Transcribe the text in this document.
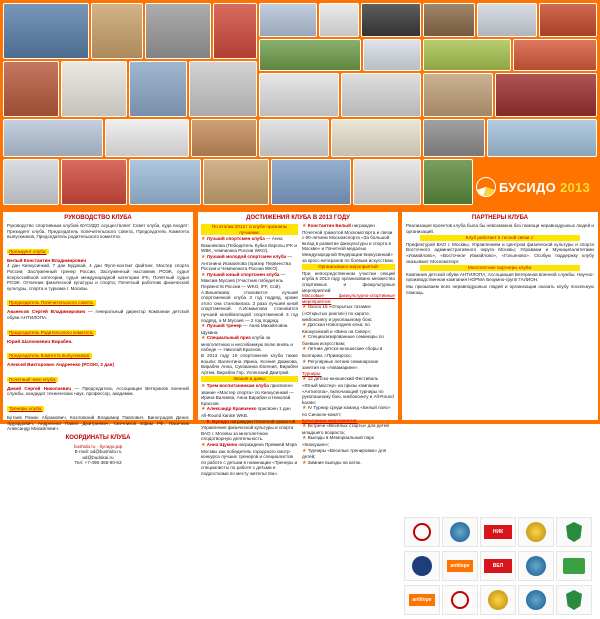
БУСИДО 2013
РУКОВОДСТВО КЛУБА
Руководство спортивным клубом БУСИДО осуществляет Совет клуба, куда входят: Президент клуба, Председатель попечительского совета, Председатель Комитета выпускников, Председатель родительского комитета.
Президент клуба:
Белый Константин Владимирович
4 дан Киокусинкай, 7 дан Будокай, 4 дан Фулл-контакт файтинг, Мастер спорта России; Заслуженный тренер России, Заслуженный наставник РОЭК, судья всероссийской категории, судья международной категории IFK, Почётный судья РОЭК. Отличник физической культуры и спорта; Почетный работник физической культуры, спорта и туризма г. Москвы.
Председатель Попечительского совета:
Аванесов Сергей Владимирович — генеральный директор Компании детской обуви АНТИЛОПА.
Председатель Родительского комитета:
Юрий Шалонкевич Вирабян.
Председатель Комитета выпускников:
Алексей Викторович Андреенко (РСОЮ, 2 дан)
Почетный член клуба:
Дикий Сергей Николаевич — Председатель Ассоциации Ветеранов военной службы, кандидат технических наук, профессор, академик.
Тренеры клуба:
Бутаев Роман Абрамович, Козловский Владимир Павлович, Виноградов Денис Эдуардович, Андреенко Павел Дмитриевич, Свечников Ефим РФ, Пасичник Александр Михайлович.
КООРДИНАТЫ КЛУБА
bushido.ru · бусидо.рф
E-mail: ad@bushido.ru
ad@budokai.ru
Тел: +7-495-368-90-63
ДОСТИЖЕНИЯ КЛУБА В 2013 ГОДУ
По итогам 2013 г в клубе признаны лучшими:
★ Лучший спортсмен клуба — Анна Вишнякова (Победитель Кубка Европы IFK и WBK, чемпионка России WKO).
★ Лучший молодой спортсмен клуба — Антонина Исмаилова (призер Первенства России и Чемпионата России WKO).
★ Лучший юный спортсмен клуба — Максим Мусаев (Участник победитель Первенств России — WKO, IFF, Сой).
А.Вишнякова становится лучшей спортсменкой клуба 3 год подряд, кроме этого она становилась 3 раза лучшей юной спортсменкой. А.Исмаилова становится лучшей юной/молодой спортсменкой 3 год подряд, а М.Мусаев — 2 год подряд.
★ Лучший тренер — Анна Михайловна Щукина.
★ Специальный приз клуба за многолетнюю и несгибаемую волю вновь и победе — Николай Краснов.
В 2013 году 10 спортсменов клуба также вошли: Валентина Ирина, Ксения Дюжкова, Вирабян Анна, Сукованиа Евгения, Вирабян Артем, Вирабян Гор, Успенский Дмитрий.
Звания и даны:
★ Трем воспитанникам клуба присвоено звание «Мастер спорта» по Киокусинкай — Ирина Валиева, Анна Вирабян и Николай Краснов.
★ Александр Кравченко присвоен 1 дан All-Round karate WKB.
★ К. Бусидо награжден Почетной грамотой Управления физической культуры и спорта ВАО г. Москвы за многолетнюю плодотворную деятельность.
★ Анна Щукина награждена Премией Мэра Москвы как победитель городского смотр-конкурса лучших тренеров и специалистов по работе с детьми в номинации «Тренеры и специалисты по работе с детьми и подростками по месту жительства».
★ Константин Белый награжден Почетной грамотой Москомспорта и связи с 90-летием Москомспорта «За большой вклад в развитие физкультуры и спорта в Москве» и Почетной медалью Международной Федерации Киокусинкай» за кросс-ветеранов по боевым искусствам.
Организовано мероприятий:
При непосредственном участии секций клуба в 2013 году организовано множество спортивных и физкультурных мероприятий:
Массовые физкультурно-спортивные мероприятия:
★ Около 15 «Открытых татами» («Открытых рингов») по карате, кикбоксингу и рукопашному бою;
★ Датская Новогодняя елка: по Киокусинкай и «Вино на Сквер»;
★ Специализированные семинары по боевым искусствам;
★ Летние детско-юношеские сборы в Болгарии, г.Приморско;
★ Регулярные летние семинарские занятия на «Аквамарине».
Турниры:
★ 12 детско-юношеский Фестиваль «Юный мастер» на призы компании «Антилопа», включающий турниры по рукопашному бою, кикбоксингу и All-Round karate;
★ IV Турнир среди команд «Белый пояс» по Синокэн-комлт;
Культурные мероприятия:
★ Встречи «Весёлых старты» для детей младшего возраста;
★ Выезды в Мемориальный парк «Киокушин»;
★ Турниры «Веселые тренировки» для детей;
★ Зимние выезды на каток.
ПАРТНЕРЫ КЛУБА
Реализация проектов клуба была бы невозможна без помощи неравнодушных людей и организаций.
Клуб работает в тесной связи с:
Префектурой ВАО г. Москвы; Управлением и Центром физической культуры и спорта Восточного административного округа Москвы; Управами и Муниципалитетами «Измайлово», «Восточное Измайлово», «Гольяново». Особую поддержку клубу оказывают Москомспорт.
Многолетние партнеры клуба:
Компания детской обуви АНТИЛОПА; Ассоциация Ветеранов военной службы; Научно-производственная компания НОРМА Безумно-групп ГАЛИОН.
Мы призываем всех неравнодушных людей и организации оказать клубу посильную помощь.
НИК
antilope	ВЕЛ
antilope
